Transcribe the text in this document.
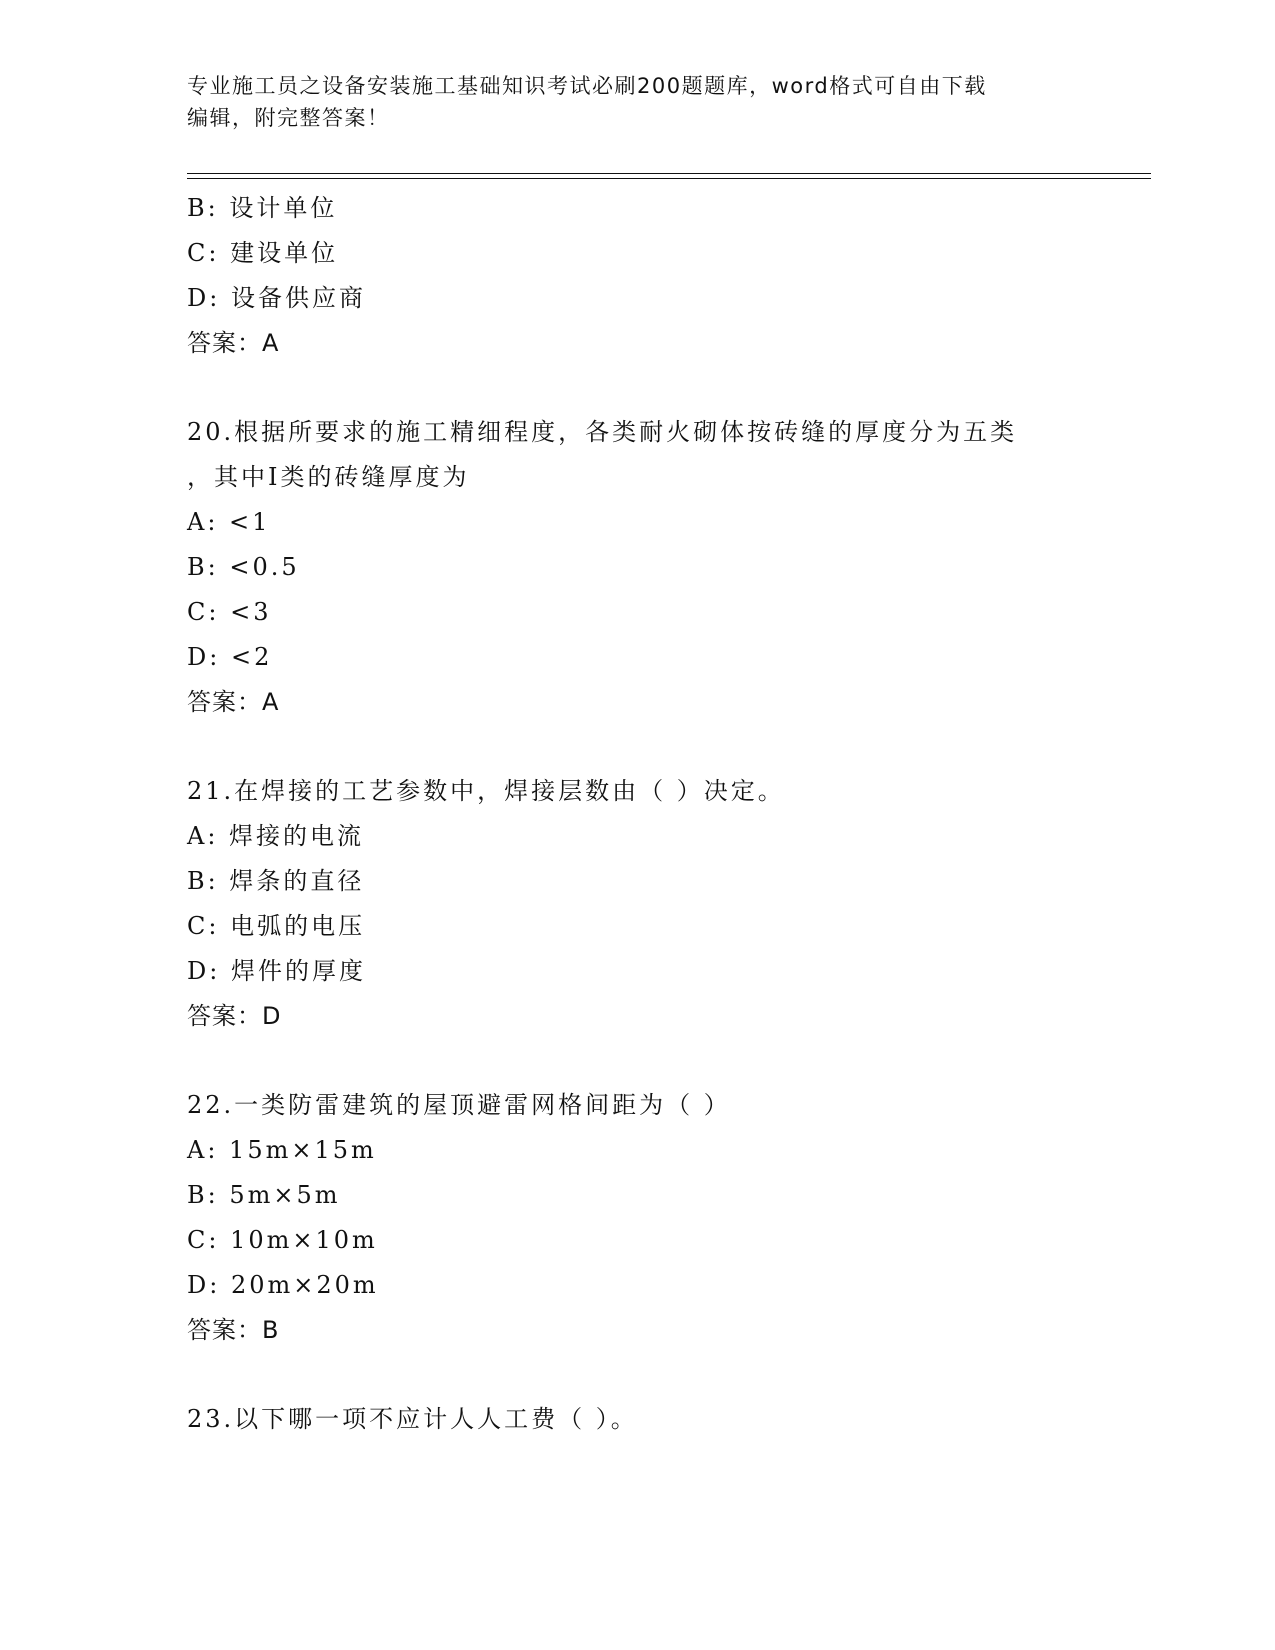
专业施工员之设备安装施工基础知识考试必刷200题题库，word格式可自由下载
编辑，附完整答案！
B: 设计单位
C: 建设单位
D: 设备供应商
答案：A
20.根据所要求的施工精细程度，各类耐火砌体按砖缝的厚度分为五类
，其中Ⅰ类的砖缝厚度为
A: <1
B: <0.5
C: <3
D: <2
答案：A
21.在焊接的工艺参数中，焊接层数由（ ）决定。
A: 焊接的电流
B: 焊条的直径
C: 电弧的电压
D: 焊件的厚度
答案：D
22.一类防雷建筑的屋顶避雷网格间距为（ ）
A: 15m×15m
B: 5m×5m
C: 10m×10m
D: 20m×20m
答案：B
23.以下哪一项不应计人人工费（ ）。
